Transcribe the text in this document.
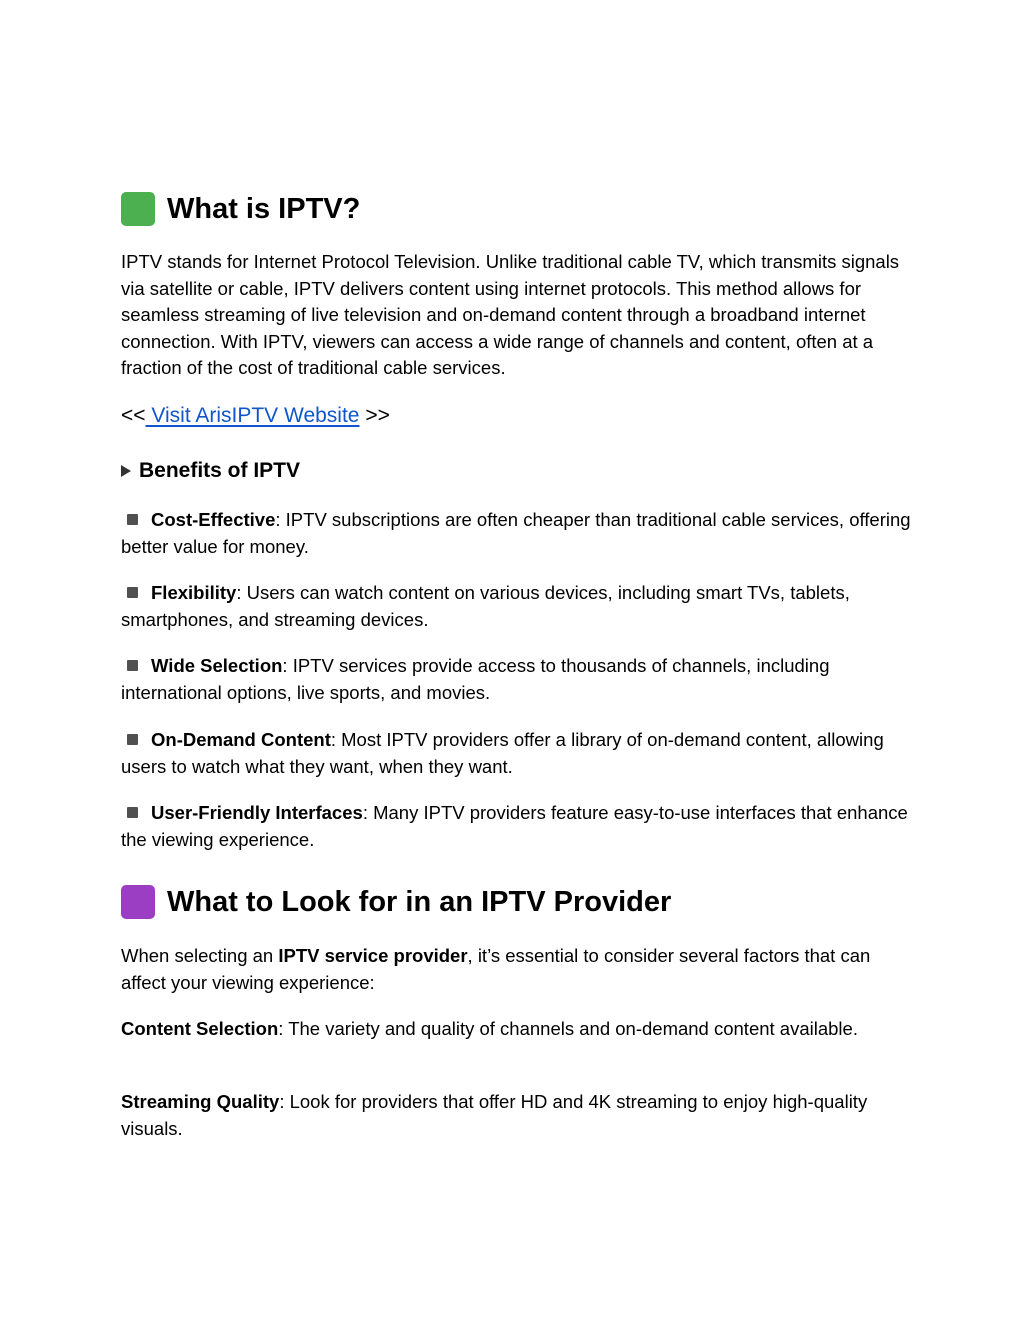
What is IPTV?
IPTV stands for Internet Protocol Television. Unlike traditional cable TV, which transmits signals via satellite or cable, IPTV delivers content using internet protocols. This method allows for seamless streaming of live television and on-demand content through a broadband internet connection. With IPTV, viewers can access a wide range of channels and content, often at a fraction of the cost of traditional cable services.
<< Visit ArisIPTV Website >>
Benefits of IPTV
Cost-Effective: IPTV subscriptions are often cheaper than traditional cable services, offering better value for money.
Flexibility: Users can watch content on various devices, including smart TVs, tablets, smartphones, and streaming devices.
Wide Selection: IPTV services provide access to thousands of channels, including international options, live sports, and movies.
On-Demand Content: Most IPTV providers offer a library of on-demand content, allowing users to watch what they want, when they want.
User-Friendly Interfaces: Many IPTV providers feature easy-to-use interfaces that enhance the viewing experience.
What to Look for in an IPTV Provider
When selecting an IPTV service provider, it’s essential to consider several factors that can affect your viewing experience:
Content Selection: The variety and quality of channels and on-demand content available.
Streaming Quality: Look for providers that offer HD and 4K streaming to enjoy high-quality visuals.
